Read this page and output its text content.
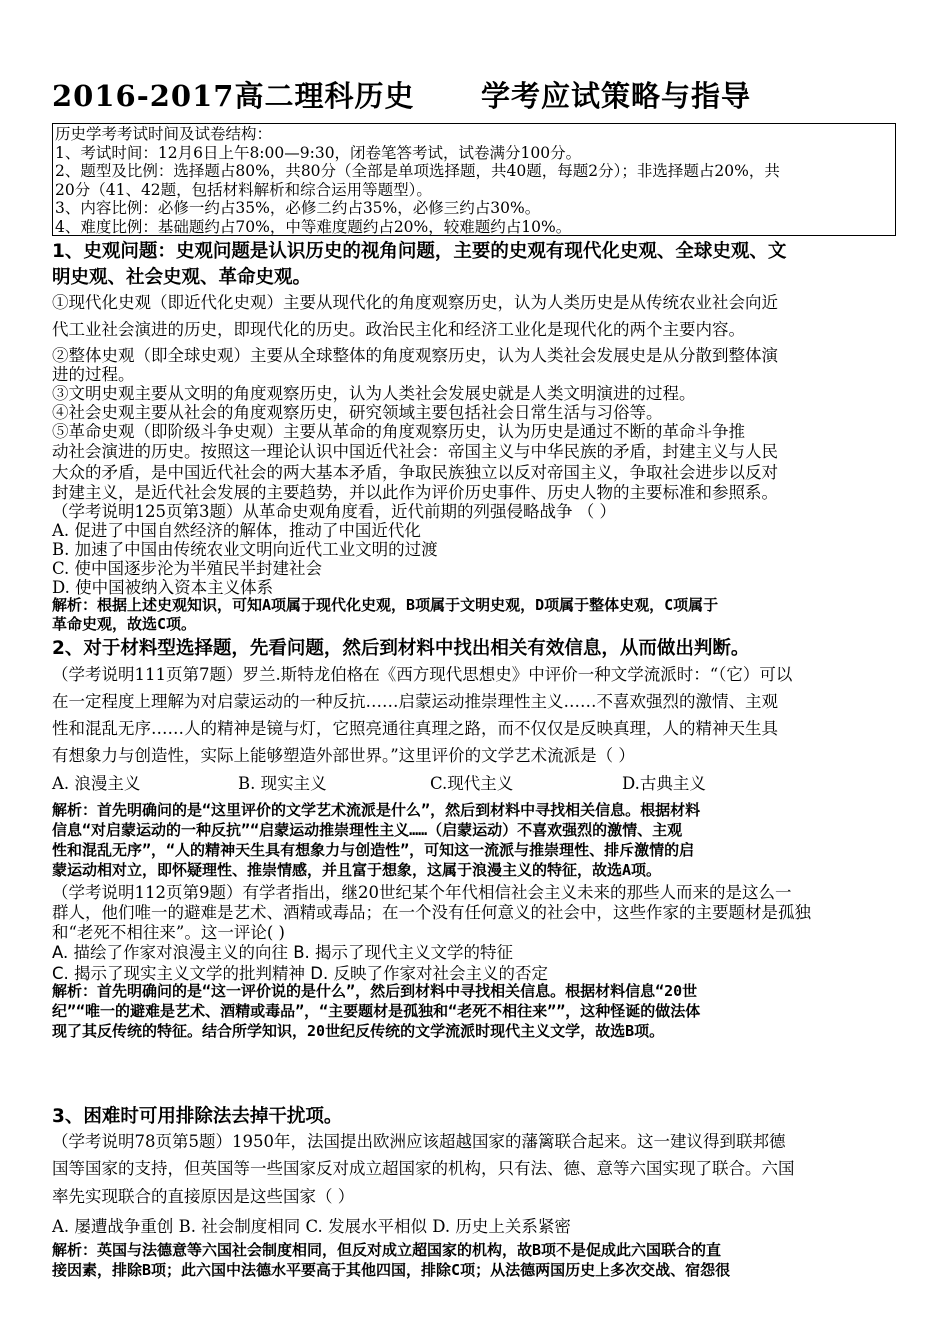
2016-2017高二理科历史      学考应试策略与指导
历史学考考试时间及试卷结构：
1、考试时间：12月6日上午8:00—9:30，闭卷笔答考试，试卷满分100分。
2、题型及比例：选择题占80%，共80分（全部是单项选择题，共40题，每题2分）；非选择题占20%，共
20分（41、42题，包括材料解析和综合运用等题型）。
3、内容比例：必修一约占35%，必修二约占35%，必修三约占30%。
4、难度比例：基础题约占70%，中等难度题约占20%，较难题约占10%。
1、史观问题：史观问题是认识历史的视角问题，主要的史观有现代化史观、全球史观、文
明史观、社会史观、革命史观。
①现代化史观（即近代化史观）主要从现代化的角度观察历史，认为人类历史是从传统农业社会向近
代工业社会演进的历史，即现代化的历史。政治民主化和经济工业化是现代化的两个主要内容。
②整体史观（即全球史观）主要从全球整体的角度观察历史，认为人类社会发展史是从分散到整体演
进的过程。
③文明史观主要从文明的角度观察历史，认为人类社会发展史就是人类文明演进的过程。
④社会史观主要从社会的角度观察历史，研究领域主要包括社会日常生活与习俗等。
⑤革命史观（即阶级斗争史观）主要从革命的角度观察历史，认为历史是通过不断的革命斗争推
动社会演进的历史。按照这一理论认识中国近代社会：帝国主义与中华民族的矛盾，封建主义与人民
大众的矛盾，是中国近代社会的两大基本矛盾，争取民族独立以反对帝国主义，争取社会进步以反对
封建主义，是近代社会发展的主要趋势，并以此作为评价历史事件、历史人物的主要标准和参照系。
（学考说明125页第3题）从革命史观角度看，近代前期的列强侵略战争 （ ）
A. 促进了中国自然经济的解体，推动了中国近代化
B. 加速了中国由传统农业文明向近代工业文明的过渡
C. 使中国逐步沦为半殖民半封建社会
D. 使中国被纳入资本主义体系
解析：根据上述史观知识，可知A项属于现代化史观，B项属于文明史观，D项属于整体史观，C项属于
革命史观，故选C项。
2、对于材料型选择题，先看问题，然后到材料中找出相关有效信息，从而做出判断。
（学考说明111页第7题）罗兰.斯特龙伯格在《西方现代思想史》中评价一种文学流派时：“（它）可以
在一定程度上理解为对启蒙运动的一种反抗……启蒙运动推崇理性主义……不喜欢强烈的激情、主观
性和混乱无序……人的精神是镜与灯，它照亮通往真理之路，而不仅仅是反映真理，人的精神天生具
有想象力与创造性，实际上能够塑造外部世界。”这里评价的文学艺术流派是（ ）
A. 浪漫主义	B. 现实主义	C.现代主义	D.古典主义
解析：首先明确问的是“这里评价的文学艺术流派是什么”，然后到材料中寻找相关信息。根据材料
信息“对启蒙运动的一种反抗”“启蒙运动推崇理性主义……（启蒙运动）不喜欢强烈的激情、主观
性和混乱无序”，“人的精神天生具有想象力与创造性”，可知这一流派与推崇理性、排斥激情的启
蒙运动相对立，即怀疑理性、推崇情感，并且富于想象，这属于浪漫主义的特征，故选A项。
（学考说明112页第9题）有学者指出，继20世纪某个年代相信社会主义未来的那些人而来的是这么一
群人，他们唯一的避难是艺术、酒精或毒品；在一个没有任何意义的社会中，这些作家的主要题材是孤独
和“老死不相往来”。这一评论( )
A. 描绘了作家对浪漫主义的向往 B. 揭示了现代主义文学的特征
C. 揭示了现实主义文学的批判精神 D. 反映了作家对社会主义的否定
解析：首先明确问的是“这一评价说的是什么”，然后到材料中寻找相关信息。根据材料信息“20世
纪”“唯一的避难是艺术、酒精或毒品”，“主要题材是孤独和“老死不相往来””，这种怪诞的做法体
现了其反传统的特征。结合所学知识，20世纪反传统的文学流派时现代主义文学，故选B项。
3、困难时可用排除法去掉干扰项。
（学考说明78页第5题）1950年，法国提出欧洲应该超越国家的藩篱联合起来。这一建议得到联邦德
国等国家的支持，但英国等一些国家反对成立超国家的机构，只有法、德、意等六国实现了联合。六国
率先实现联合的直接原因是这些国家（ ）
A. 屡遭战争重创 B. 社会制度相同 C. 发展水平相似 D. 历史上关系紧密
解析：英国与法德意等六国社会制度相同，但反对成立超国家的机构，故B项不是促成此六国联合的直
接因素，排除B项；此六国中法德水平要高于其他四国，排除C项；从法德两国历史上多次交战、宿怨很
